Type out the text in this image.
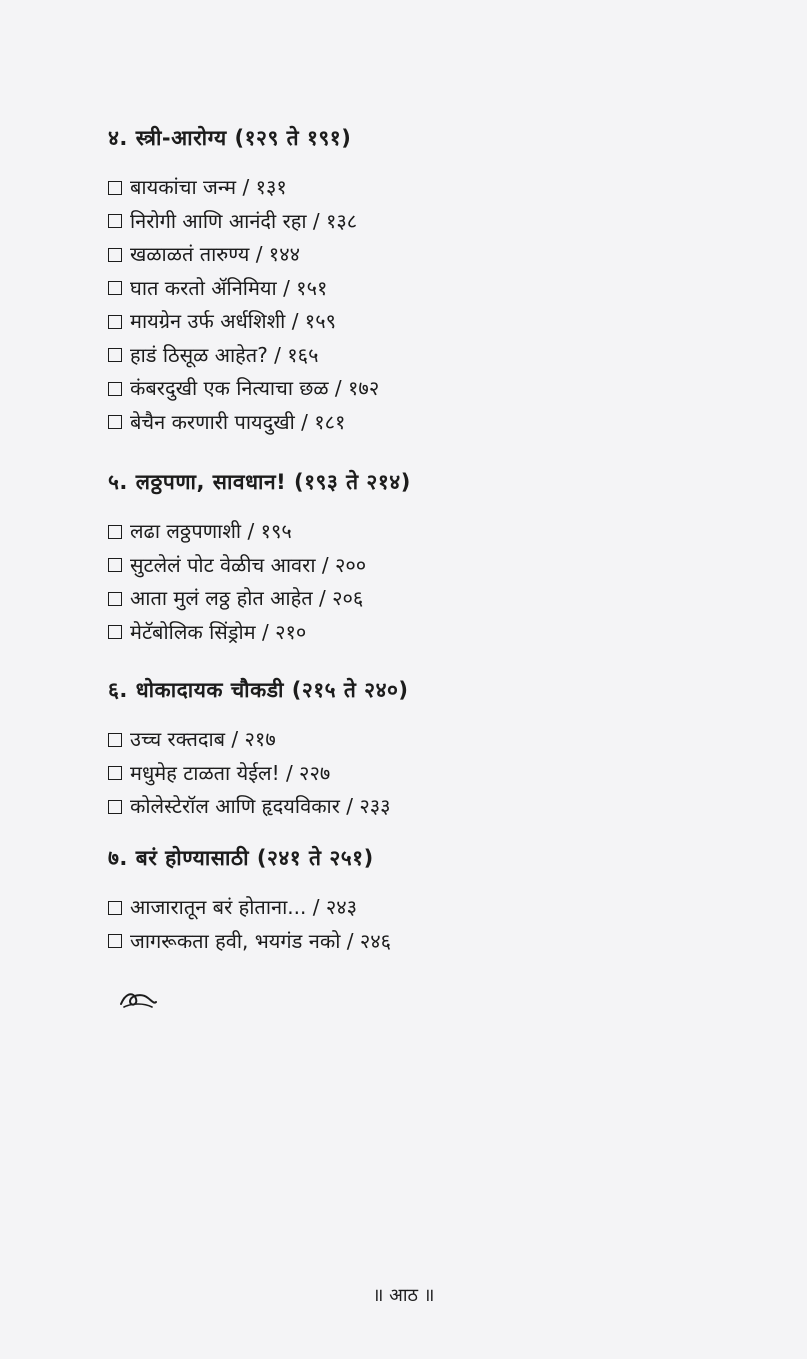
४. स्त्री-आरोग्य (१२९ ते १९१)
बायकांचा जन्म / १३१
निरोगी आणि आनंदी रहा / १३८
खळाळतं तारुण्य / १४४
घात करतो ॲनिमिया / १५१
मायग्रेन उर्फ अर्धशिशी / १५९
हाडं ठिसूळ आहेत? / १६५
कंबरदुखी एक नित्याचा छळ / १७२
बेचैन करणारी पायदुखी / १८१
५. लठ्ठपणा, सावधान! (१९३ ते २१४)
लढा लठ्ठपणाशी / १९५
सुटलेलं पोट वेळीच आवरा / २००
आता मुलं लठ्ठ होत आहेत / २०६
मेटॅबोलिक सिंड्रोम / २१०
६. धोकादायक चौकडी (२१५ ते २४०)
उच्च रक्तदाब / २१७
मधुमेह टाळता येईल! / २२७
कोलेस्टेरॉल आणि हृदयविकार / २३३
७. बरं होण्यासाठी (२४१ ते २५१)
आजारातून बरं होताना... / २४३
जागरूकता हवी, भयगंड नको / २४६
॥ आठ ॥
